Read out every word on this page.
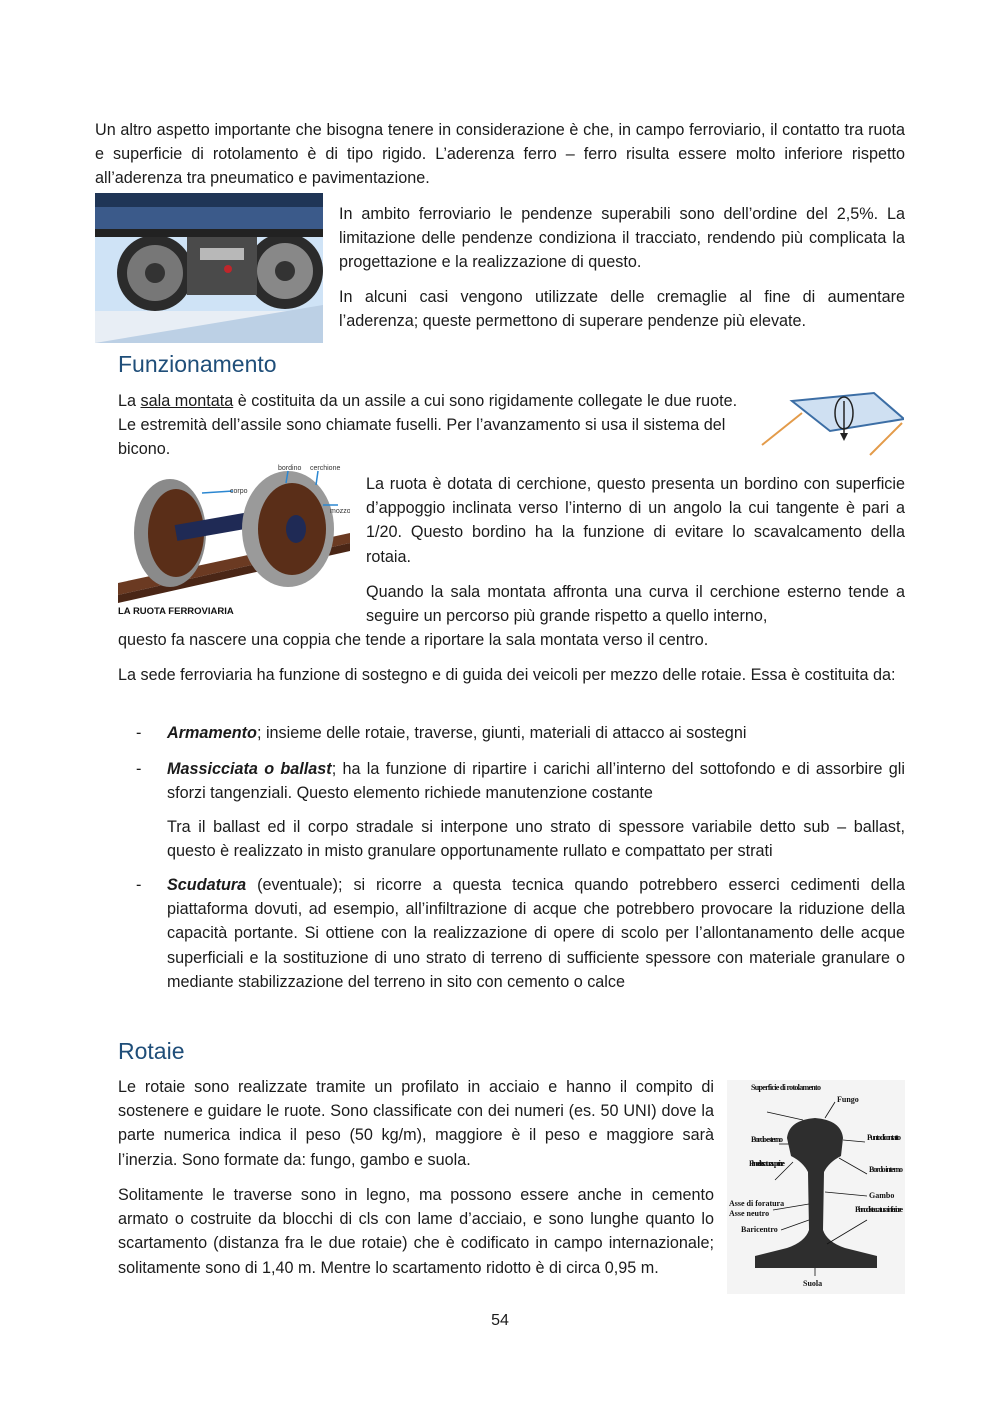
Un altro aspetto importante che bisogna tenere in considerazione è che, in campo ferroviario, il contatto tra ruota e superficie di rotolamento è di tipo rigido. L’aderenza ferro – ferro risulta essere molto inferiore rispetto all’aderenza tra pneumatico e pavimentazione.

In ambito ferroviario le pendenze superabili sono dell’ordine del 2,5%. La limitazione delle pendenze condiziona il tracciato, rendendo più complicata la progettazione e la realizzazione di questo.

In alcuni casi vengono utilizzate delle cremaglie al fine di aumentare l’aderenza; queste permettono di superare pendenze più elevate.

Funzionamento

La sala montata è costituita da un assile a cui sono rigidamente collegate le due ruote. Le estremità dell’assile sono chiamate fuselli. Per l’avanzamento si usa il sistema del bicono.

corpo
bordino cerchione
mozzo
LA RUOTA FERROVIARIA

La ruota è dotata di cerchione, questo presenta un bordino con superficie d’appoggio inclinata verso l’interno di un angolo la cui tangente è pari a 1/20. Questo bordino ha la funzione di evitare lo scavalcamento della rotaia.

Quando la sala montata affronta una curva il cerchione esterno tende a seguire un percorso più grande rispetto a quello interno,

questo fa nascere una coppia che tende a riportare la sala montata verso il centro.

La sede ferroviaria ha funzione di sostegno e di guida dei veicoli per mezzo delle rotaie. Essa è costituita da:

- Armamento; insieme delle rotaie, traverse, giunti, materiali di attacco ai sostegni

- Massicciata o ballast; ha la funzione di ripartire i carichi all’interno del sottofondo e di assorbire gli sforzi tangenziali. Questo elemento richiede manutenzione costante

Tra il ballast ed il corpo stradale si interpone uno strato di spessore variabile detto sub – ballast, questo è realizzato in misto granulare opportunamente rullato e compattato per strati

- Scudatura (eventuale); si ricorre a questa tecnica quando potrebbero esserci cedimenti della piattaforma dovuti, ad esempio, all’infiltrazione di acque che potrebbero provocare la riduzione della capacità portante. Si ottiene con la realizzazione di opere di scolo per l’allontanamento delle acque superficiali e la sostituzione di uno strato di terreno di sufficiente spessore con materiale granulare o mediante stabilizzazione del terreno in sito con cemento o calce

Rotaie

Le rotaie sono realizzate tramite un profilato in acciaio e hanno il compito di sostenere e guidare le ruote. Sono classificate con dei numeri (es. 50 UNI) dove la parte numerica indica il peso (50 kg/m), maggiore è il peso e maggiore sarà l’inerzia. Sono formate da: fungo, gambo e suola.

Solitamente le traverse sono in legno, ma possono essere anche in cemento armato o costruite da blocchi di cls con lame d’acciaio, e sono lunghe quanto lo scartamento (distanza fra le due rotaie) che è codificato in campo internazionale; solitamente sono di 1,40 m. Mentre lo scartamento ridotto è di circa 0,95 m.

Superficie di rotolamento
Fungo
Bordo esterno	Punto di contatto
Piano di steccatura superiore
Bordo interno
Gambo
Asse di foratura
Asse neutro	Piano di steccatura inferiore
Baricentro
Suola
54
